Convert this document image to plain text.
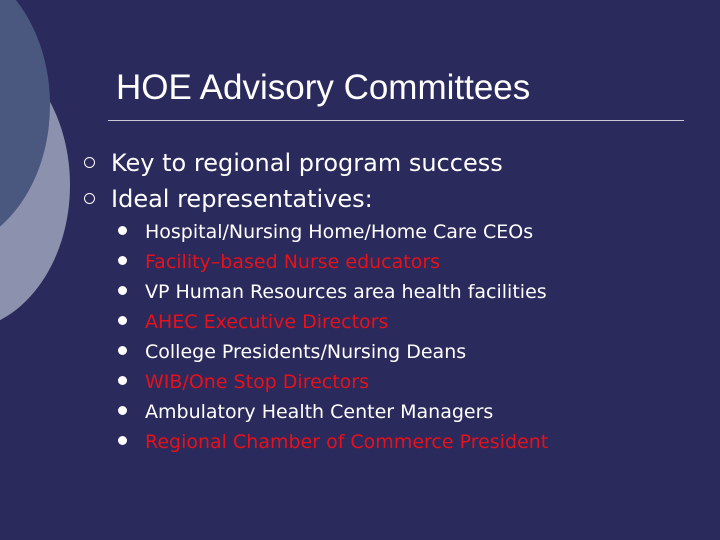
HOE Advisory Committees
Key to regional program success
Ideal representatives:
Hospital/Nursing Home/Home Care CEOs
Facility–based Nurse educators
VP Human Resources area health facilities
AHEC Executive Directors
College Presidents/Nursing Deans
WIB/One Stop Directors
Ambulatory Health Center Managers
Regional Chamber of Commerce President
